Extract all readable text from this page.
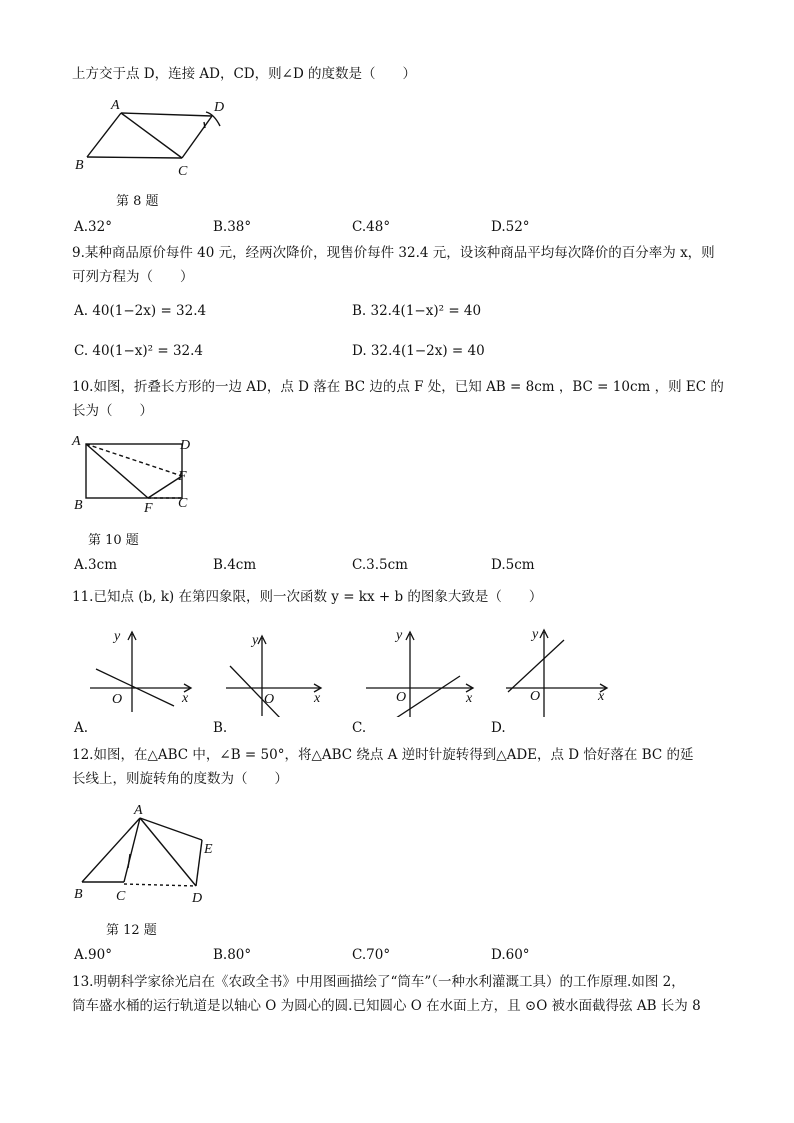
上方交于点 D，连接 AD，CD，则∠D 的度数是（　　）
A	D
B	C
第 8 题
A.32°	B.38°	C.48°	D.52°
9.某种商品原价每件 40 元，经两次降价，现售价每件 32.4 元，设该种商品平均每次降价的百分率为 x，则
可列方程为（　　）
A. 40(1−2x) = 32.4	B. 32.4(1−x)² = 40
C. 40(1−x)² = 32.4	D. 32.4(1−2x) = 40
10.如图，折叠长方形的一边 AD，点 D 落在 BC 边的点 F 处，已知 AB = 8cm ，BC = 10cm ，则 EC 的
长为（　　）
A	D
B
F
F C
第 10 题
A.3cm	B.4cm	C.3.5cm	D.5cm
11.已知点 (b, k) 在第四象限，则一次函数 y = kx + b 的图象大致是（　　）
y
x
O
y
x
O
y
x
O
y
x
O
A.	B.	C.	D.
12.如图，在△ABC 中，∠B = 50°，将△ABC 绕点 A 逆时针旋转得到△ADE，点 D 恰好落在 BC 的延
长线上，则旋转角的度数为（　　）
A
E
B C	D
第 12 题
A.90°	B.80°	C.70°	D.60°
13.明朝科学家徐光启在《农政全书》中用图画描绘了“筒车”（一种水利灌溉工具）的工作原理.如图 2，
筒车盛水桶的运行轨道是以轴心 O 为圆心的圆.已知圆心 O 在水面上方，且 ⊙O 被水面截得弦 AB 长为 8
